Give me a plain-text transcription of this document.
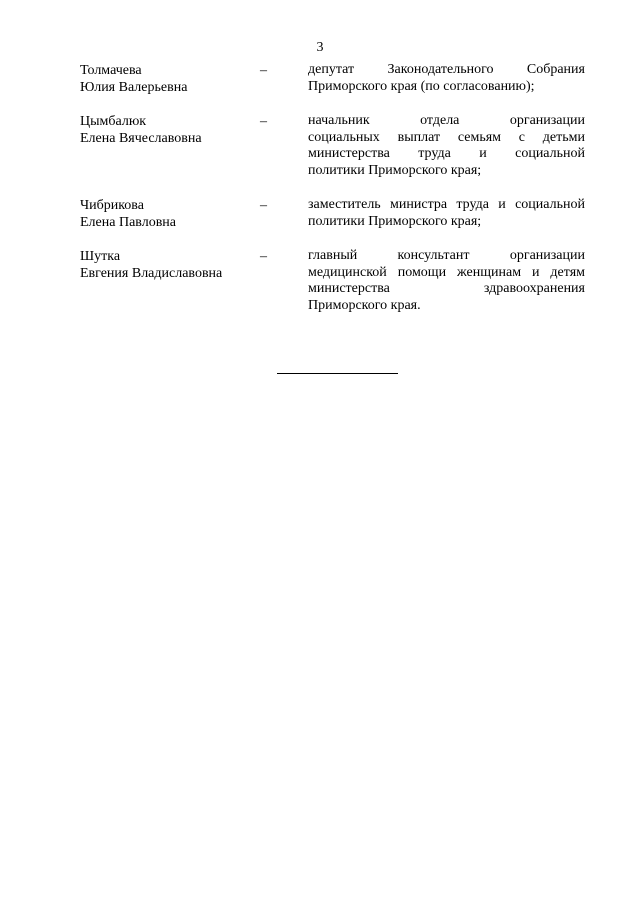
3
Толмачева
Юлия Валерьевна
–	депутат Законодательного Собрания
Приморского края (по согласованию);
Цымбалюк
Елена Вячеславовна
–	начальник отдела организации
социальных выплат семьям с детьми
министерства труда и социальной
политики Приморского края;
Чибрикова
Елена Павловна
–	заместитель министра труда и социальной
политики Приморского края;
Шутка
Евгения Владиславовна
–	главный консультант организации
медицинской помощи женщинам и детям
министерства здравоохранения
Приморского края.
